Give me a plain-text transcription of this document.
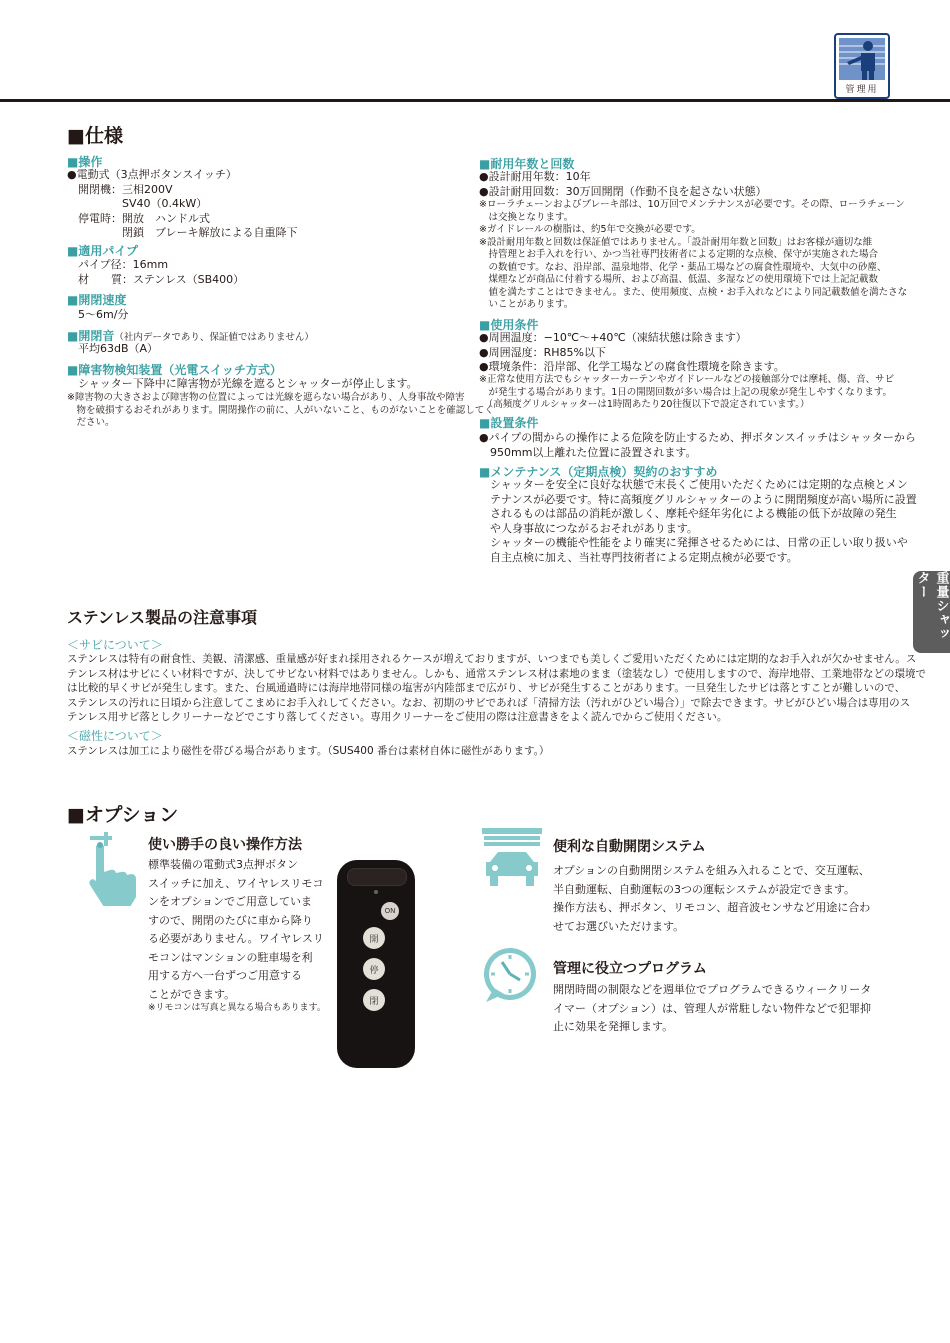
管理用
■仕様
■操作
●電動式（3点押ボタンスイッチ）
　開閉機：三相200V
　　　　　SV40（0.4kW）
　停電時：開放　ハンドル式
　　　　　閉鎖　ブレーキ解放による自重降下
■適用パイプ
　パイプ径：16mm
　材　　質：ステンレス（SB400）
■開閉速度
　5〜6m/分
■開閉音（社内データであり、保証値ではありません）
　平均63dB（A）
■障害物検知装置（光電スイッチ方式）
　シャッター下降中に障害物が光線を遮るとシャッターが停止します。
※障害物の大きさおよび障害物の位置によっては光線を遮らない場合があり、人身事故や障害
　物を破損するおそれがあります。開閉操作の前に、人がいないこと、ものがないことを確認してく
　ださい。
■耐用年数と回数
●設計耐用年数：10年
●設計耐用回数：30万回開閉（作動不良を起さない状態）
※ローラチェーンおよびブレーキ部は、10万回でメンテナンスが必要です。その際、ローラチェーン
　は交換となります。
※ガイドレールの樹脂は、約5年で交換が必要です。
※設計耐用年数と回数は保証値ではありません。「設計耐用年数と回数」はお客様が適切な維
　持管理とお手入れを行い、かつ当社専門技術者による定期的な点検、保守が実施された場合
　の数値です。なお、沿岸部、温泉地帯、化学・薬品工場などの腐食性環境や、大気中の砂塵、
　煤煙などが商品に付着する場所、および高温、低温、多湿などの使用環境下では上記記載数
　値を満たすことはできません。また、使用頻度、点検・お手入れなどにより同記載数値を満たさな
　いことがあります。
■使用条件
●周囲温度：−10℃〜+40℃（凍結状態は除きます）
●周囲湿度：RH85%以下
●環境条件：沿岸部、化学工場などの腐食性環境を除きます。
※正常な使用方法でもシャッターカーテンやガイドレールなどの接触部分では摩耗、傷、音、サビ
　が発生する場合があります。1日の開閉回数が多い場合は上記の現象が発生しやすくなります。
　（高頻度グリルシャッターは1時間あたり20往復以下で設定されています。）
■設置条件
●パイプの間からの操作による危険を防止するため、押ボタンスイッチはシャッターから
　950mm以上離れた位置に設置されます。
■メンテナンス（定期点検）契約のおすすめ
　シャッターを安全に良好な状態で末長くご使用いただくためには定期的な点検とメン
　テナンスが必要です。特に高頻度グリルシャッターのように開閉頻度が高い場所に設置
　されるものは部品の消耗が激しく、摩耗や経年劣化による機能の低下が故障の発生
　や人身事故につながるおそれがあります。
　シャッターの機能や性能をより確実に発揮させるためには、日常の正しい取り扱いや
　自主点検に加え、当社専門技術者による定期点検が必要です。
重量シャッター
ステンレス製品の注意事項
＜サビについて＞
ステンレスは特有の耐食性、美観、清潔感、重量感が好まれ採用されるケースが増えておりますが、いつまでも美しくご愛用いただくためには定期的なお手入れが欠かせません。ス
テンレス材はサビにくい材料ですが、決してサビない材料ではありません。しかも、通常ステンレス材は素地のまま（塗装なし）で使用しますので、海岸地帯、工業地帯などの環境で
は比較的早くサビが発生します。また、台風通過時には海岸地帯同様の塩害が内陸部まで広がり、サビが発生することがあります。一旦発生したサビは落とすことが難しいので、
ステンレスの汚れに日頃から注意してこまめにお手入れしてください。なお、初期のサビであれば「清掃方法（汚れがひどい場合）」で除去できます。サビがひどい場合は専用のス
テンレス用サビ落としクリーナーなどでこすり落してください。専用クリーナーをご使用の際は注意書きをよく読んでからご使用ください。
＜磁性について＞
ステンレスは加工により磁性を帯びる場合があります。（SUS400 番台は素材自体に磁性があります。）
■オプション
使い勝手の良い操作方法
標準装備の電動式3点押ボタン
スイッチに加え、ワイヤレスリモコ
ンをオプションでご用意していま
すので、開閉のたびに車から降り
る必要がありません。ワイヤレスリ
モコンはマンションの駐車場を利
用する方へ一台ずつご用意する
ことができます。
※リモコンは写真と異なる場合もあります。
ON
開
停
閉
便利な自動開閉システム
オプションの自動開閉システムを組み入れることで、交互運転、
半自動運転、自動運転の3つの運転システムが設定できます。
操作方法も、押ボタン、リモコン、超音波センサなど用途に合わ
せてお選びいただけます。
管理に役立つプログラム
開閉時間の制限などを週単位でプログラムできるウィークリータ
イマー（オプション）は、管理人が常駐しない物件などで犯罪抑
止に効果を発揮します。
